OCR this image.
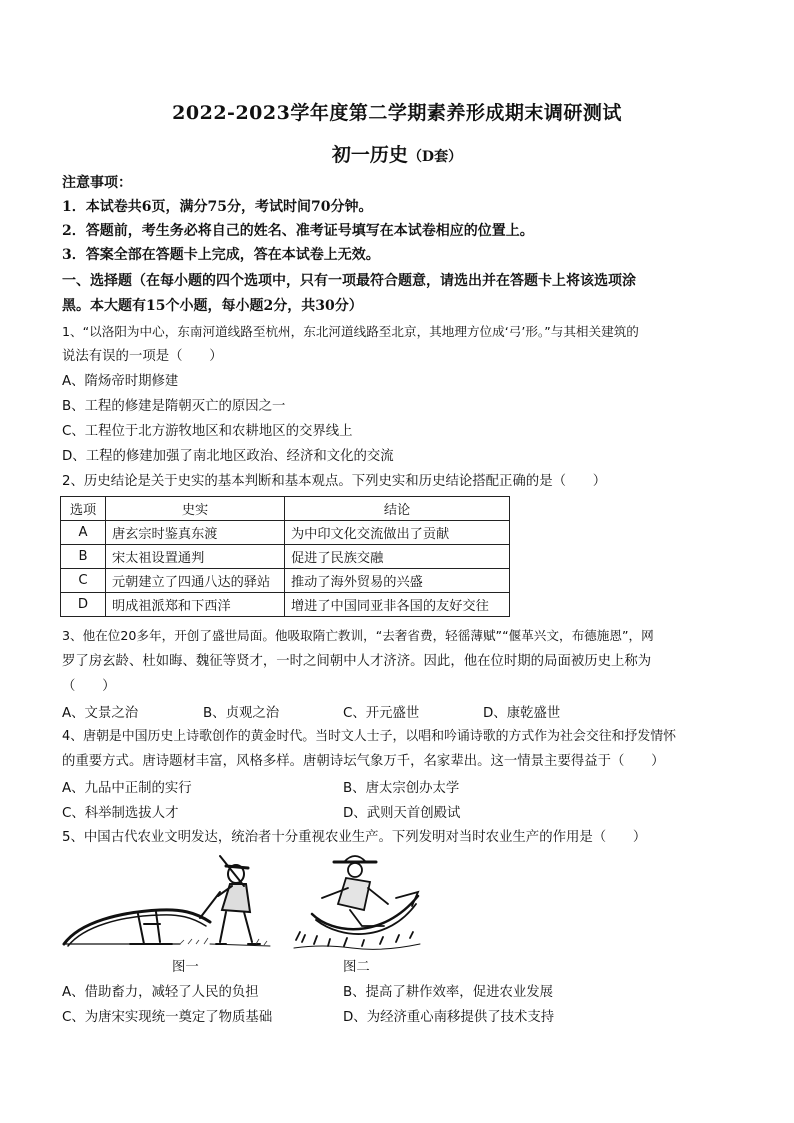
2022-2023学年度第二学期素养形成期末调研测试
初一历史（D套）
注意事项：
1．本试卷共6页，满分75分，考试时间70分钟。
2．答题前，考生务必将自己的姓名、准考证号填写在本试卷相应的位置上。
3．答案全部在答题卡上完成，答在本试卷上无效。
一、选择题（在每小题的四个选项中，只有一项最符合题意，请选出并在答题卡上将该选项涂
黑。本大题有15个小题，每小题2分，共30分）
1、“以洛阳为中心，东南河道线路至杭州，东北河道线路至北京，其地理方位成‘弓’形。”与其相关建筑的
说法有误的一项是（　　）
A、隋炀帝时期修建
B、工程的修建是隋朝灭亡的原因之一
C、工程位于北方游牧地区和农耕地区的交界线上
D、工程的修建加强了南北地区政治、经济和文化的交流
2、历史结论是关于史实的基本判断和基本观点。下列史实和历史结论搭配正确的是（　　）
选项	史实	结论
A	唐玄宗时鉴真东渡	为中印文化交流做出了贡献
B	宋太祖设置通判	促进了民族交融
C	元朝建立了四通八达的驿站	推动了海外贸易的兴盛
D	明成祖派郑和下西洋	增进了中国同亚非各国的友好交往
3、他在位20多年，开创了盛世局面。他吸取隋亡教训，“去奢省费，轻徭薄赋”“偃革兴文，布德施恩”，网
罗了房玄龄、杜如晦、魏征等贤才，一时之间朝中人才济济。因此，他在位时期的局面被历史上称为
（　　）
A、文景之治	B、贞观之治	C、开元盛世	D、康乾盛世
4、唐朝是中国历史上诗歌创作的黄金时代。当时文人士子，以唱和吟诵诗歌的方式作为社会交往和抒发情怀
的重要方式。唐诗题材丰富，风格多样。唐朝诗坛气象万千，名家辈出。这一情景主要得益于（　　）
A、九品中正制的实行	B、唐太宗创办太学
C、科举制选拔人才	D、武则天首创殿试
5、中国古代农业文明发达，统治者十分重视农业生产。下列发明对当时农业生产的作用是（　　）
图一	图二
A、借助畜力，减轻了人民的负担	B、提高了耕作效率，促进农业发展
C、为唐宋实现统一奠定了物质基础	D、为经济重心南移提供了技术支持
